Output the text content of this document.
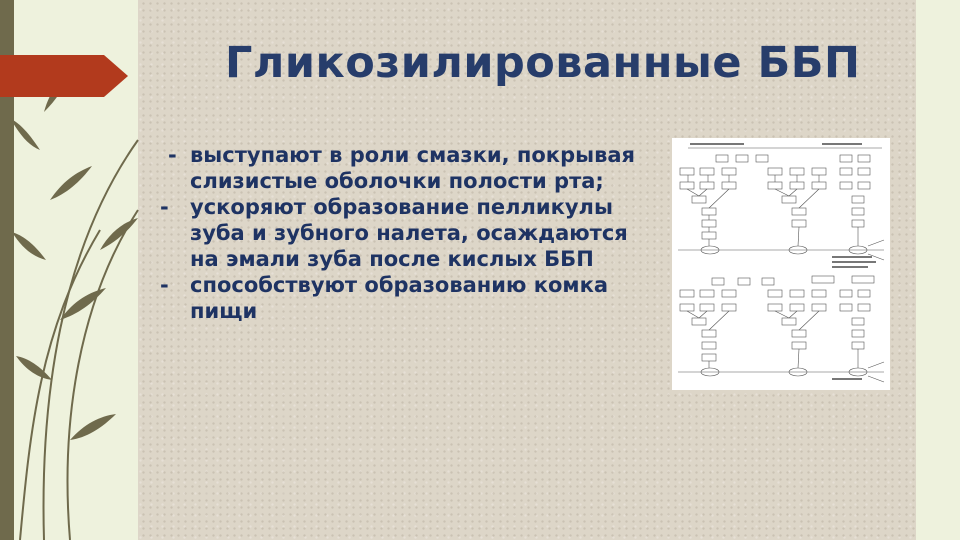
Гликозилированные ББП
- выступают в роли смазки, покрывая слизистые оболочки полости рта;
-	ускоряют образование пелликулы зуба и зубного налета, осаждаются на эмали зуба после кислых ББП
-	способствуют образованию комка пищи
